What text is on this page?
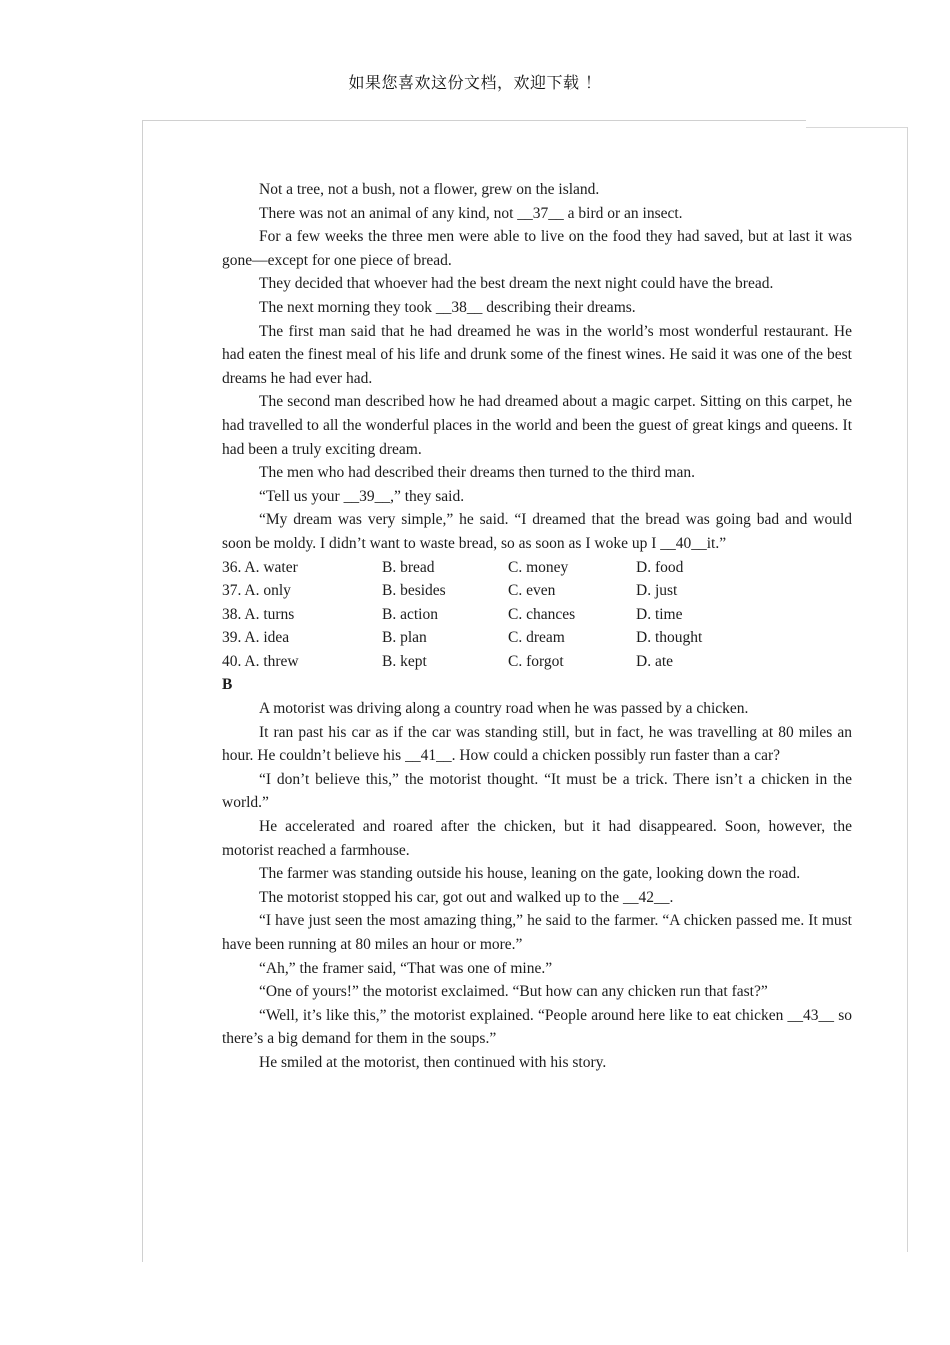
如果您喜欢这份文档，欢迎下载 ！

Not a tree, not a bush, not a flower, grew on the island.

There was not an animal of any kind, not __37__ a bird or an insect.

For a few weeks the three men were able to live on the food they had saved, but at last it was gone—except for one piece of bread.

They decided that whoever had the best dream the next night could have the bread.

The next morning they took __38__ describing their dreams.

The first man said that he had dreamed he was in the world’s most wonderful restaurant. He had eaten the finest meal of his life and drunk some of the finest wines. He said it was one of the best dreams he had ever had.

The second man described how he had dreamed about a magic carpet. Sitting on this carpet, he had travelled to all the wonderful places in the world and been the guest of great kings and queens. It had been a truly exciting dream.

The men who had described their dreams then turned to the third man.

“Tell us your __39__,” they said.

“My dream was very simple,” he said. “I dreamed that the bread was going bad and would soon be moldy. I didn’t want to waste bread, so as soon as I woke up I __40__it.”

36. A. water	B. bread	C. money	D. food
37. A. only	B. besides	C. even	D. just
38. A. turns	B. action	C. chances	D. time
39. A. idea	B. plan	C. dream	D. thought
40. A. threw	B. kept	C. forgot	D. ate

B

A motorist was driving along a country road when he was passed by a chicken.

It ran past his car as if the car was standing still, but in fact, he was travelling at 80 miles an hour. He couldn’t believe his __41__. How could a chicken possibly run faster than a car?

“I don’t believe this,” the motorist thought. “It must be a trick. There isn’t a chicken in the world.”

He accelerated and roared after the chicken, but it had disappeared. Soon, however, the motorist reached a farmhouse.

The farmer was standing outside his house, leaning on the gate, looking down the road.

The motorist stopped his car, got out and walked up to the __42__.

“I have just seen the most amazing thing,” he said to the farmer. “A chicken passed me. It must have been running at 80 miles an hour or more.”

“Ah,” the framer said, “That was one of mine.”

“One of yours!” the motorist exclaimed. “But how can any chicken run that fast?”

“Well, it’s like this,” the motorist explained. “People around here like to eat chicken __43__ so there’s a big demand for them in the soups.”

He smiled at the motorist, then continued with his story.
